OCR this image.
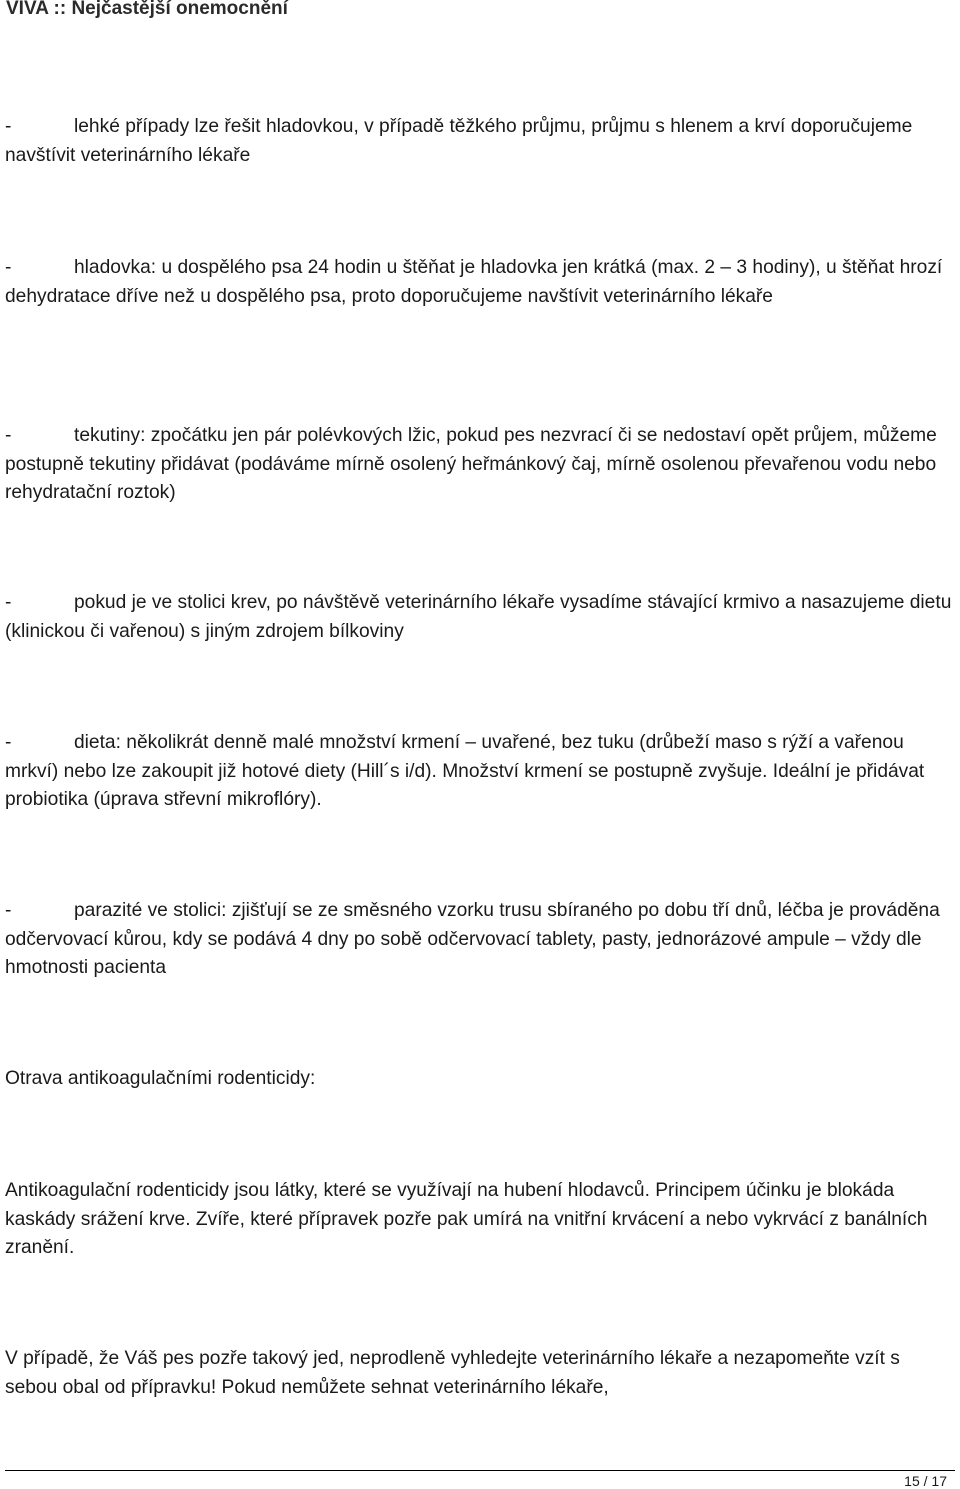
VIVA :: Nejčastější onemocnění

-	lehké případy lze řešit hladovkou, v případě těžkého průjmu, průjmu s hlenem a krví doporučujeme navštívit veterinárního lékaře

-	hladovka: u dospělého psa 24 hodin u štěňat je hladovka jen krátká (max. 2 – 3 hodiny), u štěňat hrozí dehydratace dříve než u dospělého psa, proto doporučujeme navštívit veterinárního lékaře

-	tekutiny: zpočátku jen pár polévkových lžic, pokud pes nezvrací či se nedostaví opět průjem, můžeme postupně tekutiny přidávat (podáváme mírně osolený heřmánkový čaj, mírně osolenou převařenou vodu nebo rehydratační roztok)

-	pokud je ve stolici krev, po návštěvě veterinárního lékaře vysadíme stávající krmivo a nasazujeme dietu (klinickou či vařenou) s jiným zdrojem bílkoviny

-	dieta: několikrát denně malé množství krmení – uvařené, bez tuku (drůbeží maso s rýží a vařenou mrkví) nebo lze zakoupit již hotové diety (Hill´s i/d). Množství krmení se postupně zvyšuje. Ideální je přidávat probiotika (úprava střevní mikroflóry).

-	parazité ve stolici: zjišťují se ze směsného vzorku trusu sbíraného po dobu tří dnů, léčba je prováděna odčervovací kůrou, kdy se podává 4 dny po sobě odčervovací tablety, pasty, jednorázové ampule – vždy dle hmotnosti pacienta

Otrava antikoagulačními rodenticidy:

Antikoagulační rodenticidy jsou látky, které se využívají na hubení hlodavců. Principem účinku je blokáda kaskády srážení krve. Zvíře, které přípravek pozře pak umírá na vnitřní krvácení a nebo vykrvácí z banálních zranění.

V případě, že Váš pes pozře takový jed, neprodleně vyhledejte veterinárního lékaře a nezapomeňte vzít s sebou obal od přípravku! Pokud nemůžete sehnat veterinárního lékaře,

15 / 17
